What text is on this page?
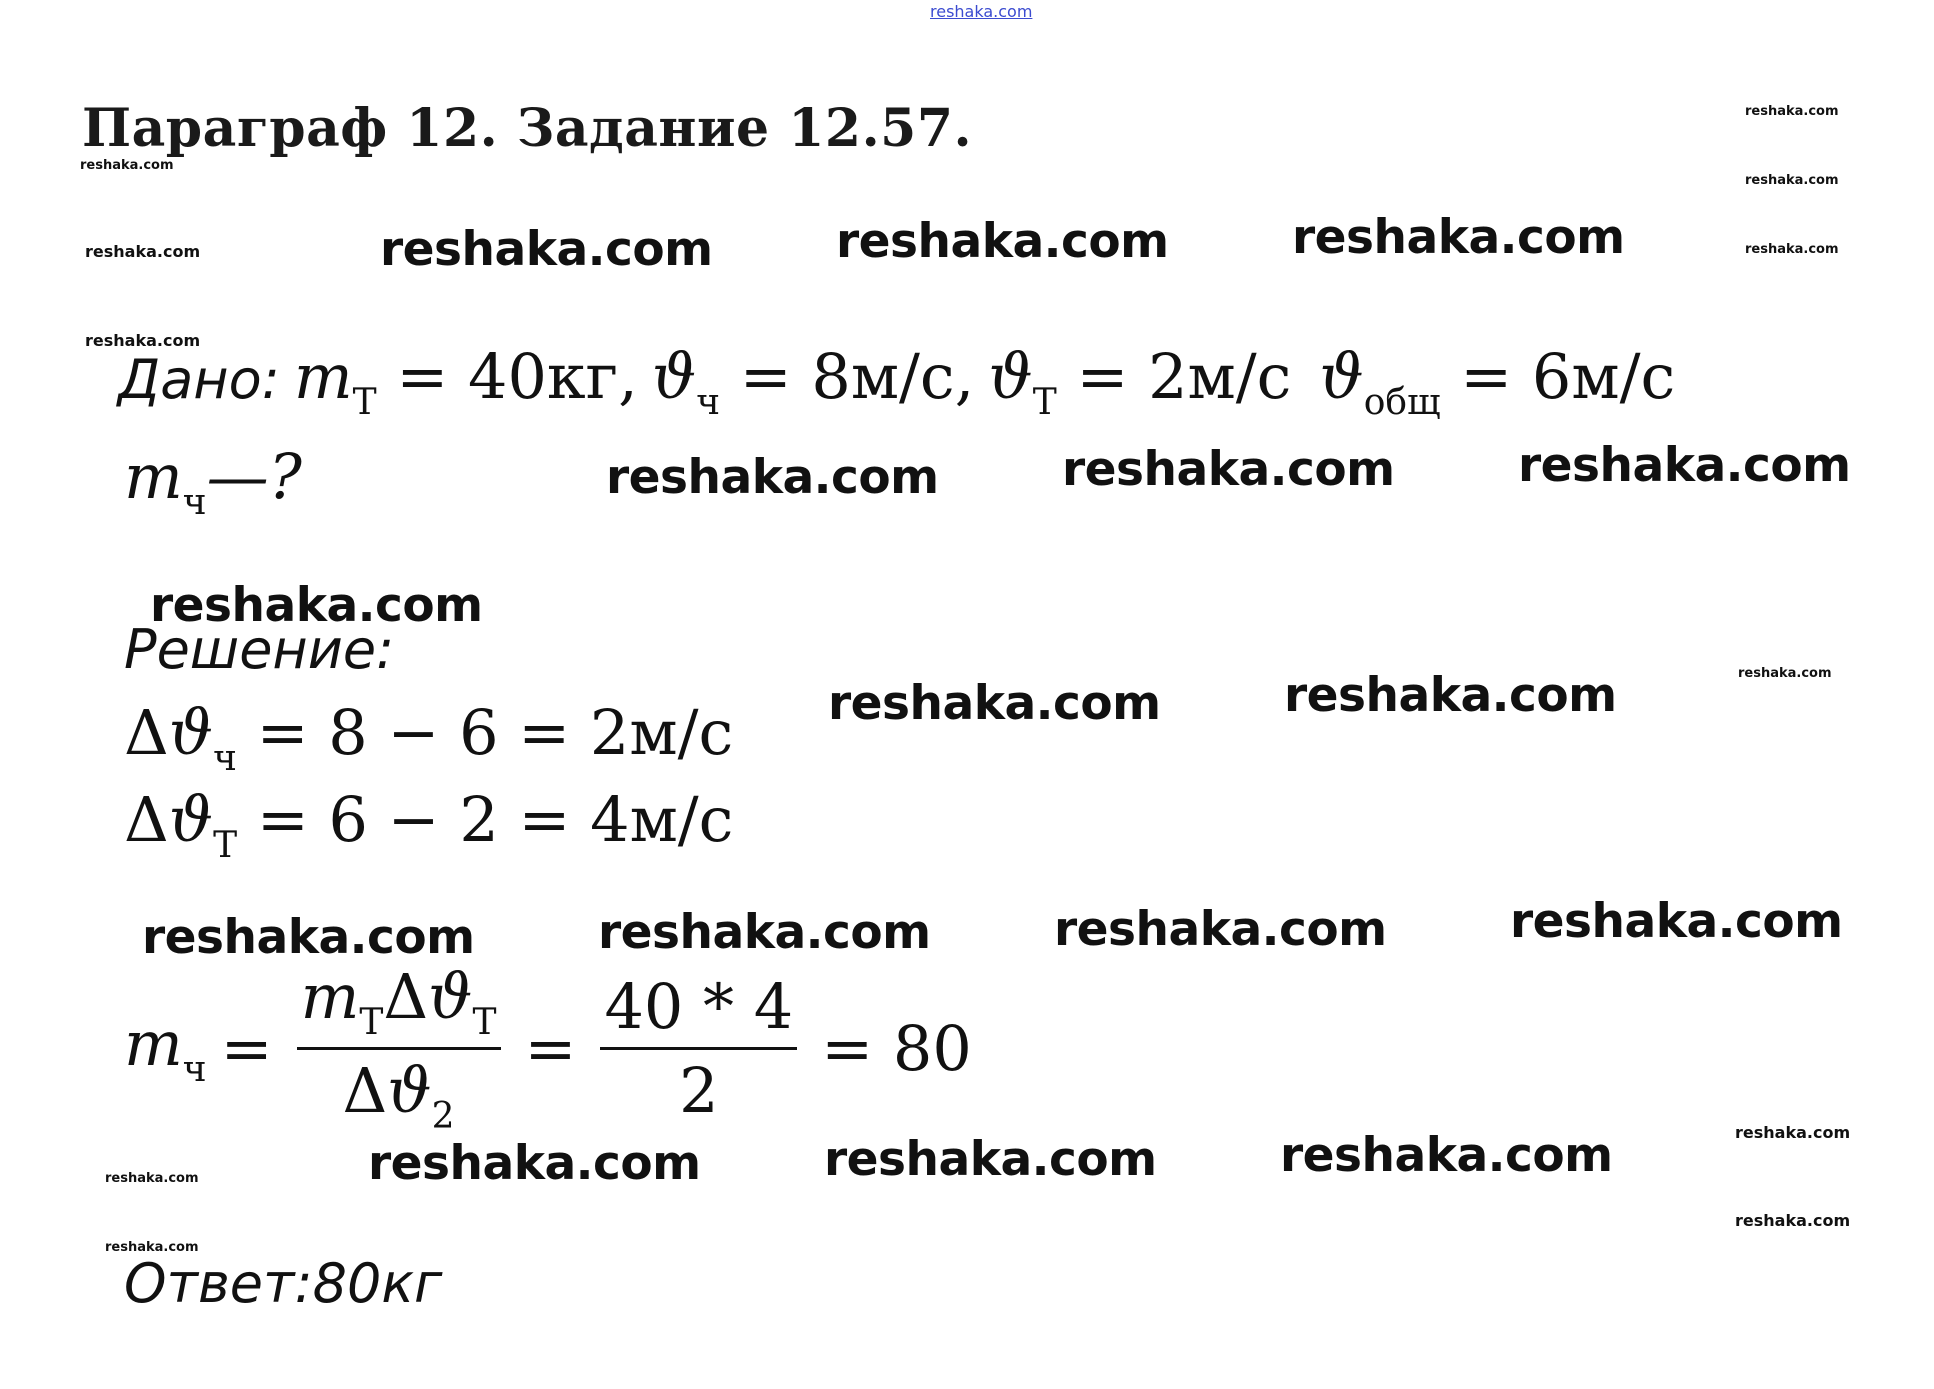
reshaka.com
Параграф 12. Задание 12.57.
reshaka.com
reshaka.com
reshaka.com
reshaka.com
reshaka.com
reshaka.com
reshaka.com
reshaka.com
reshaka.com
reshaka.com
reshaka.com
reshaka.com	reshaka.com	reshaka.com
reshaka.com	reshaka.com	reshaka.com
reshaka.com
reshaka.com	reshaka.com
reshaka.com	reshaka.com	reshaka.com	reshaka.com
reshaka.com	reshaka.com	reshaka.com
Дано: $m_Т = 40кг$, $ϑ_ч = 8м/с$, $ϑ_Т = 2м/с$ $ϑ_{общ} = 6м/с$
$m_ч—$?
Решение:
$\Delta ϑ_ч = 8 - 6 = 2м/с$
$\Delta ϑ_Т = 6 - 2 = 4м/с$
$m_ч = \frac{m_Т\Delta ϑ_Т}{\Delta ϑ_2} = \frac{40 * 4}{2} = 80$
Ответ:80кг
